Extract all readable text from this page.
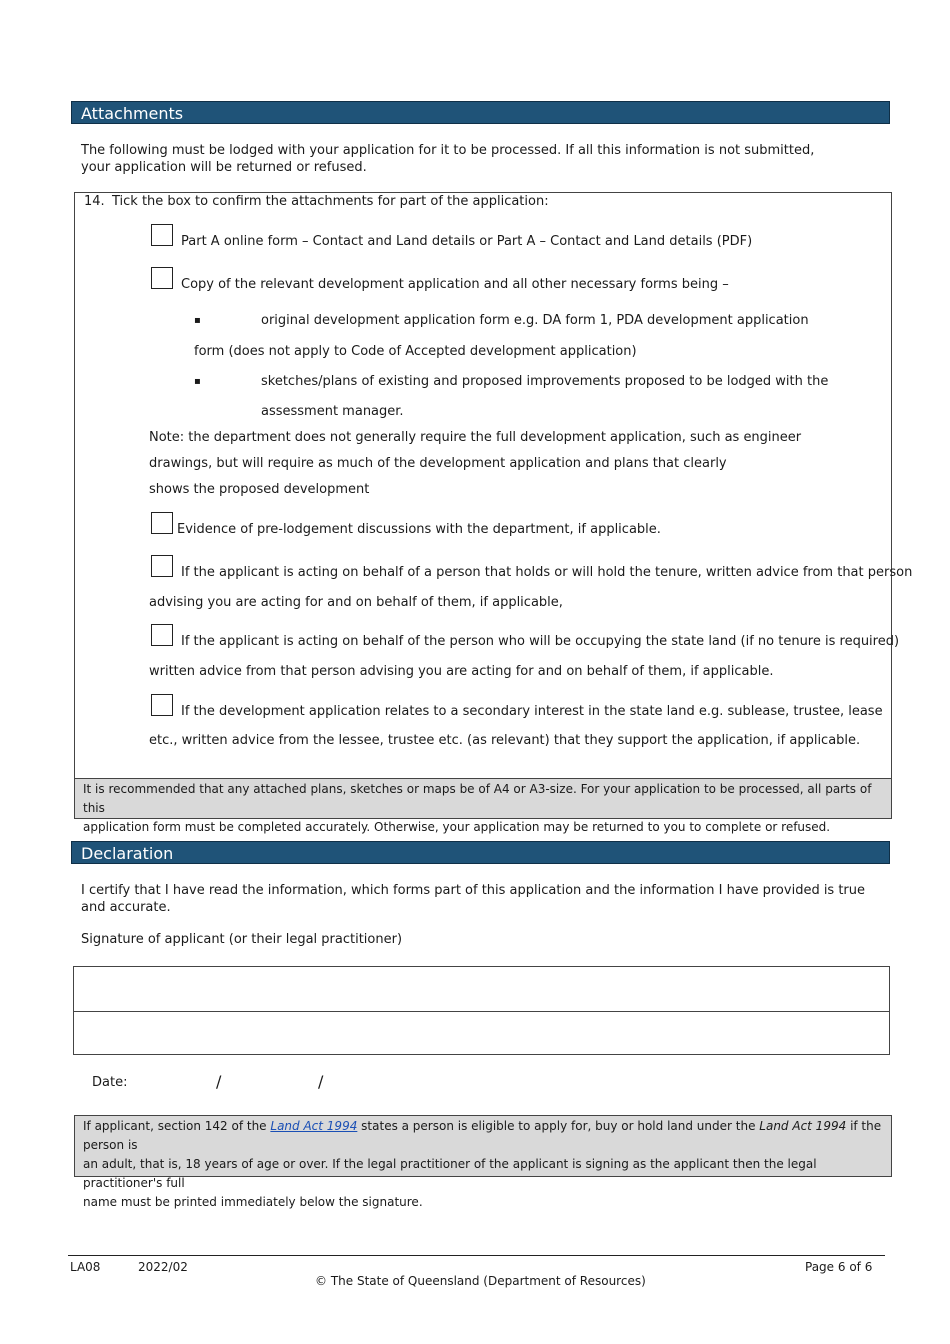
Attachments
The following must be lodged with your application for it to be processed. If all this information is not submitted, your application will be returned or refused.
14. Tick the box to confirm the attachments for part of the application:
Part A online form – Contact and Land details or Part A – Contact and Land details (PDF)
Copy of the relevant development application and all other necessary forms being –
▪	original development application form e.g. DA form 1, PDA development application
form (does not apply to Code of Accepted development application)
▪	sketches/plans of existing and proposed improvements proposed to be lodged with the
assessment manager.
Note: the department does not generally require the full development application, such as engineer
drawings, but will require as much of the development application and plans that clearly
shows the proposed development
Evidence of pre-lodgement discussions with the department, if applicable.
If the applicant is acting on behalf of a person that holds or will hold the tenure, written advice from that person
advising you are acting for and on behalf of them, if applicable,
If the applicant is acting on behalf of the person who will be occupying the state land (if no tenure is required)
written advice from that person advising you are acting for and on behalf of them, if applicable.
If the development application relates to a secondary interest in the state land e.g. sublease, trustee, lease
etc., written advice from the lessee, trustee etc. (as relevant) that they support the application, if applicable.
It is recommended that any attached plans, sketches or maps be of A4 or A3-size. For your application to be processed, all parts of this
application form must be completed accurately. Otherwise, your application may be returned to you to complete or refused.
Declaration
I certify that I have read the information, which forms part of this application and the information I have provided is true and accurate.
Signature of applicant (or their legal practitioner)
Date:	/	/
If applicant, section 142 of the Land Act 1994 states a person is eligible to apply for, buy or hold land under the Land Act 1994 if the person is
an adult, that is, 18 years of age or over. If the legal practitioner of the applicant is signing as the applicant then the legal practitioner's full
name must be printed immediately below the signature.
LA08	2022/02	Page 6 of 6
© The State of Queensland (Department of Resources)
